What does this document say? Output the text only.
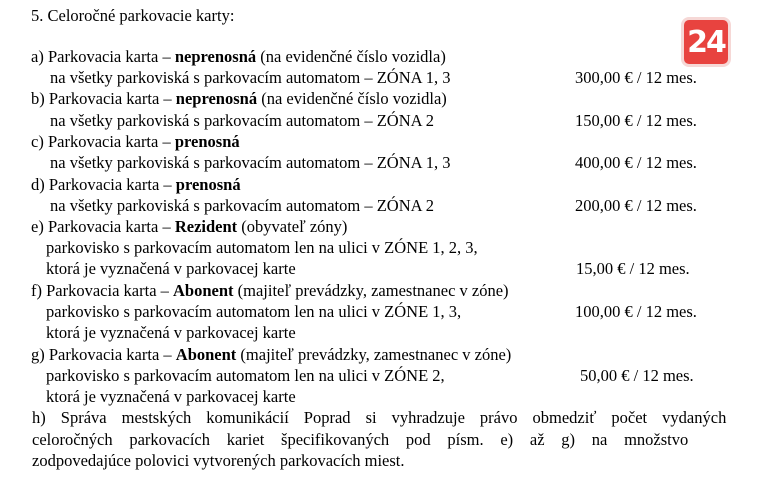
24
5. Celoročné parkovacie karty:
a) Parkovacia karta – neprenosná (na evidenčné číslo vozidla)
na všetky parkoviská s parkovacím automatom – ZÓNA 1, 3	300,00 € / 12 mes.
b) Parkovacia karta – neprenosná (na evidenčné číslo vozidla)
na všetky parkoviská s parkovacím automatom – ZÓNA 2	150,00 € / 12 mes.
c) Parkovacia karta – prenosná
na všetky parkoviská s parkovacím automatom – ZÓNA 1, 3	400,00 € / 12 mes.
d) Parkovacia karta – prenosná
na všetky parkoviská s parkovacím automatom – ZÓNA 2	200,00 € / 12 mes.
e) Parkovacia karta – Rezident (obyvateľ zóny)
parkovisko s parkovacím automatom len na ulici v ZÓNE 1, 2, 3,
ktorá je vyznačená v parkovacej karte	15,00 € / 12 mes.
f) Parkovacia karta – Abonent (majiteľ prevádzky, zamestnanec v zóne)
parkovisko s parkovacím automatom len na ulici v ZÓNE 1, 3,	100,00 € / 12 mes.
ktorá je vyznačená v parkovacej karte
g) Parkovacia karta – Abonent (majiteľ prevádzky, zamestnanec v zóne)
parkovisko s parkovacím automatom len na ulici v ZÓNE 2,	50,00 € / 12 mes.
ktorá je vyznačená v parkovacej karte
h) Správa mestských komunikácií Poprad si vyhradzuje právo obmedziť počet vydaných
celoročných parkovacích kariet špecifikovaných pod písm. e) až g) na množstvo
zodpovedajúce polovici vytvorených parkovacích miest.
